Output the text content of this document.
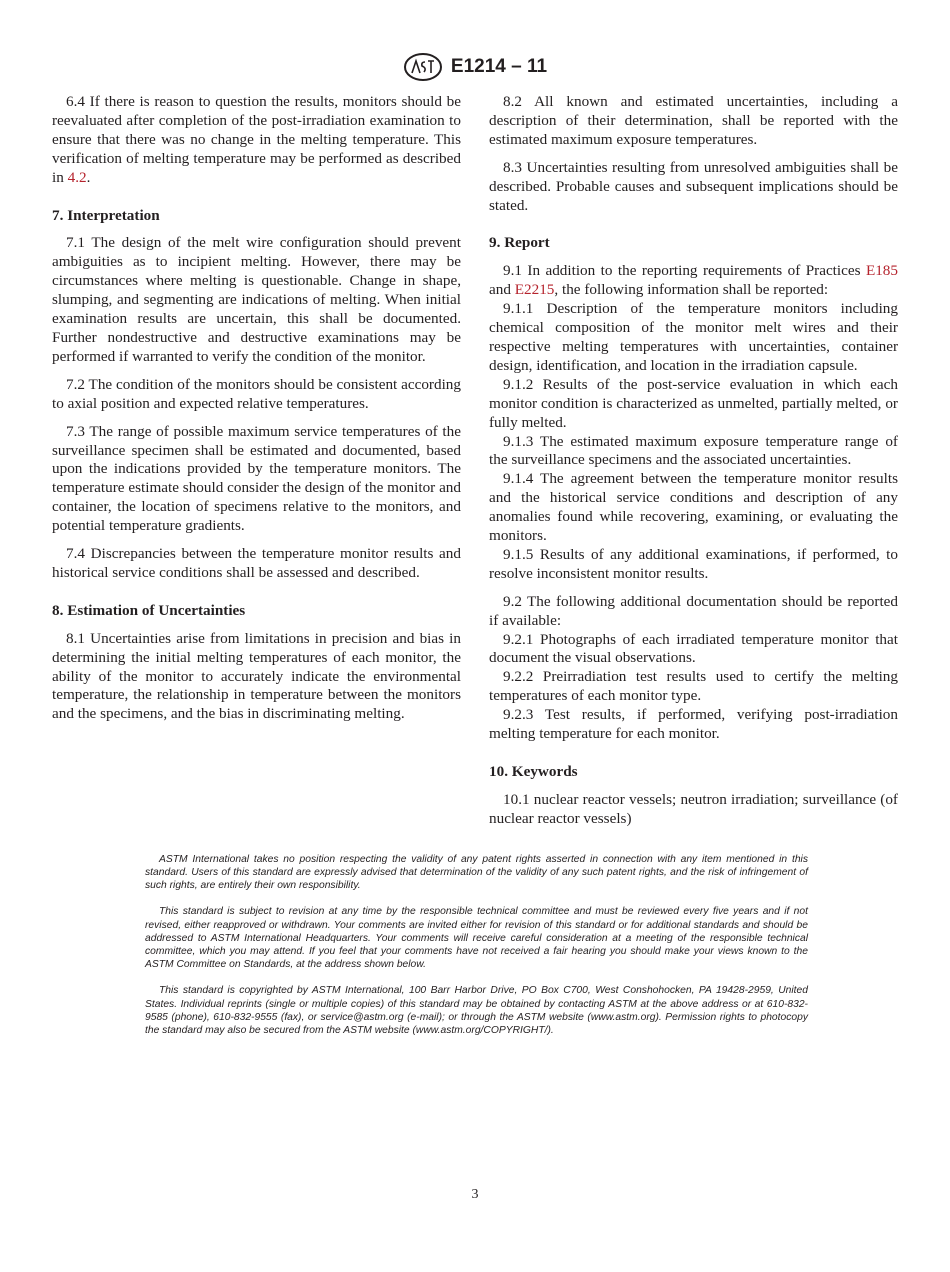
E1214 – 11

6.4 If there is reason to question the results, monitors should be reevaluated after completion of the post-irradiation examination to ensure that there was no change in the melting temperature. This verification of melting temperature may be performed as described in 4.2.

7. Interpretation

7.1 The design of the melt wire configuration should prevent ambiguities as to incipient melting. However, there may be circumstances where melting is questionable. Change in shape, slumping, and segmenting are indications of melting. When initial examination results are uncertain, this shall be documented. Further nondestructive and destructive examinations may be performed if warranted to verify the condition of the monitor.

7.2 The condition of the monitors should be consistent according to axial position and expected relative temperatures.

7.3 The range of possible maximum service temperatures of the surveillance specimen shall be estimated and documented, based upon the indications provided by the temperature monitors. The temperature estimate should consider the design of the monitor and container, the location of specimens relative to the monitors, and potential temperature gradients.

7.4 Discrepancies between the temperature monitor results and historical service conditions shall be assessed and described.

8. Estimation of Uncertainties

8.1 Uncertainties arise from limitations in precision and bias in determining the initial melting temperatures of each monitor, the ability of the monitor to accurately indicate the environmental temperature, the relationship in temperature between the monitors and the specimens, and the bias in discriminating melting.

8.2 All known and estimated uncertainties, including a description of their determination, shall be reported with the estimated maximum exposure temperatures.

8.3 Uncertainties resulting from unresolved ambiguities shall be described. Probable causes and subsequent implications should be stated.

9. Report

9.1 In addition to the reporting requirements of Practices E185 and E2215, the following information shall be reported:

9.1.1 Description of the temperature monitors including chemical composition of the monitor melt wires and their respective melting temperatures with uncertainties, container design, identification, and location in the irradiation capsule.

9.1.2 Results of the post-service evaluation in which each monitor condition is characterized as unmelted, partially melted, or fully melted.

9.1.3 The estimated maximum exposure temperature range of the surveillance specimens and the associated uncertainties.

9.1.4 The agreement between the temperature monitor results and the historical service conditions and description of any anomalies found while recovering, examining, or evaluating the monitors.

9.1.5 Results of any additional examinations, if performed, to resolve inconsistent monitor results.

9.2 The following additional documentation should be reported if available:

9.2.1 Photographs of each irradiated temperature monitor that document the visual observations.

9.2.2 Preirradiation test results used to certify the melting temperatures of each monitor type.

9.2.3 Test results, if performed, verifying post-irradiation melting temperature for each monitor.

10. Keywords

10.1 nuclear reactor vessels; neutron irradiation; surveillance (of nuclear reactor vessels)

ASTM International takes no position respecting the validity of any patent rights asserted in connection with any item mentioned in this standard. Users of this standard are expressly advised that determination of the validity of any such patent rights, and the risk of infringement of such rights, are entirely their own responsibility.

This standard is subject to revision at any time by the responsible technical committee and must be reviewed every five years and if not revised, either reapproved or withdrawn. Your comments are invited either for revision of this standard or for additional standards and should be addressed to ASTM International Headquarters. Your comments will receive careful consideration at a meeting of the responsible technical committee, which you may attend. If you feel that your comments have not received a fair hearing you should make your views known to the ASTM Committee on Standards, at the address shown below.

This standard is copyrighted by ASTM International, 100 Barr Harbor Drive, PO Box C700, West Conshohocken, PA 19428-2959, United States. Individual reprints (single or multiple copies) of this standard may be obtained by contacting ASTM at the above address or at 610-832-9585 (phone), 610-832-9555 (fax), or service@astm.org (e-mail); or through the ASTM website (www.astm.org). Permission rights to photocopy the standard may also be secured from the ASTM website (www.astm.org/COPYRIGHT/).

3
